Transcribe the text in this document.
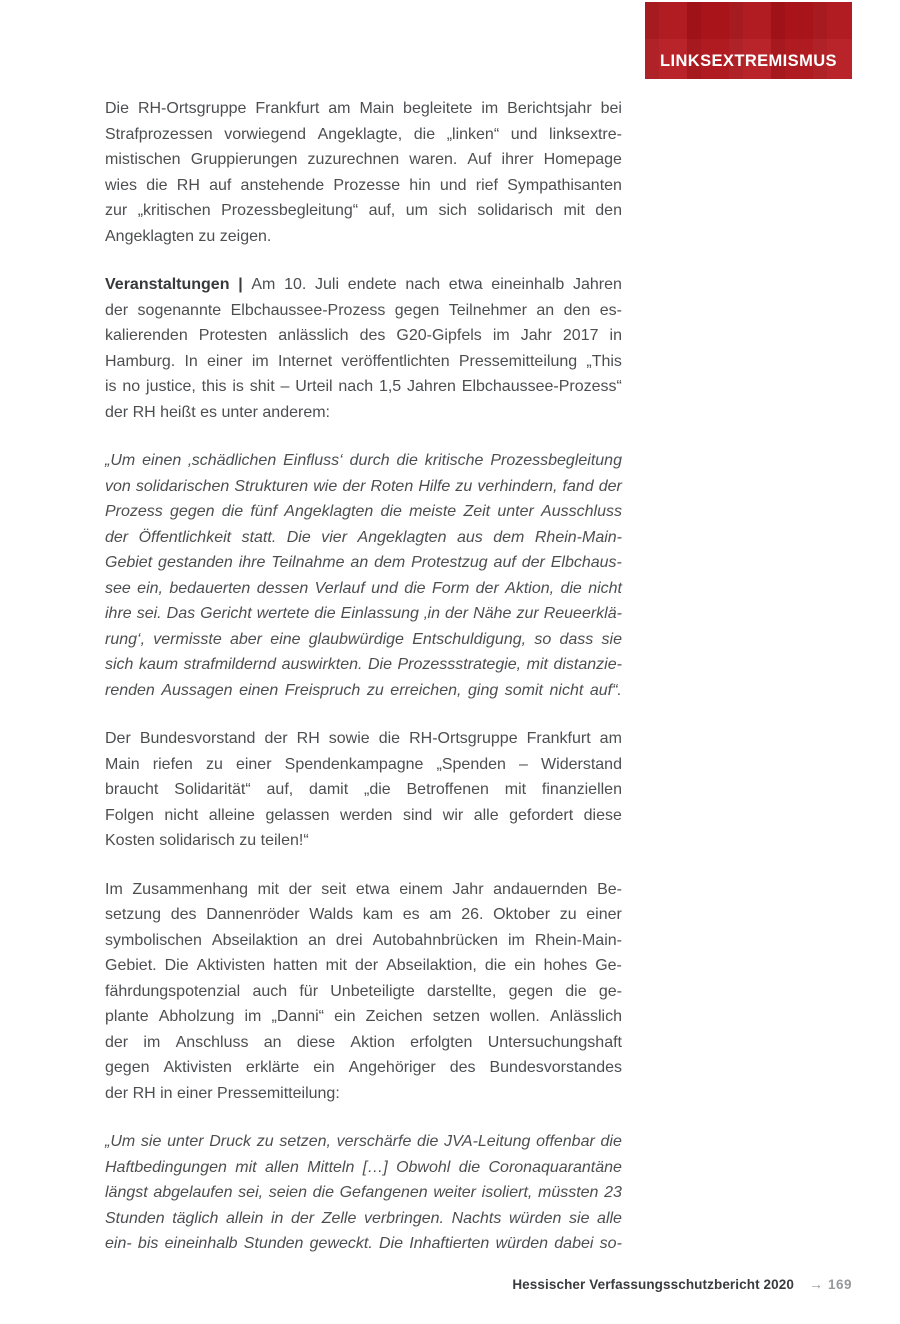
LINKSEXTREMISMUS
Die RH-Ortsgruppe Frankfurt am Main begleitete im Berichtsjahr bei
Strafprozessen vorwiegend Angeklagte, die „linken“ und linksextre-
mistischen Gruppierungen zuzurechnen waren. Auf ihrer Homepage
wies die RH auf anstehende Prozesse hin und rief Sympathisanten
zur „kritischen Prozessbegleitung“ auf, um sich solidarisch mit den
Angeklagten zu zeigen.
Veranstaltungen | Am 10. Juli endete nach etwa eineinhalb Jahren
der sogenannte Elbchaussee-Prozess gegen Teilnehmer an den es-
kalierenden Protesten anlässlich des G20-Gipfels im Jahr 2017 in
Hamburg. In einer im Internet veröffentlichten Pressemitteilung „This
is no justice, this is shit – Urteil nach 1,5 Jahren Elbchaussee-Prozess“
der RH heißt es unter anderem:
„Um einen ‚schädlichen Einfluss‘ durch die kritische Prozessbegleitung
von solidarischen Strukturen wie der Roten Hilfe zu verhindern, fand der
Prozess gegen die fünf Angeklagten die meiste Zeit unter Ausschluss
der Öffentlichkeit statt. Die vier Angeklagten aus dem Rhein-Main-
Gebiet gestanden ihre Teilnahme an dem Protestzug auf der Elbchaus-
see ein, bedauerten dessen Verlauf und die Form der Aktion, die nicht
ihre sei. Das Gericht wertete die Einlassung ‚in der Nähe zur Reueerklä-
rung‘, vermisste aber eine glaubwürdige Entschuldigung, so dass sie
sich kaum strafmildernd auswirkten. Die Prozessstrategie, mit distanzie-
renden Aussagen einen Freispruch zu erreichen, ging somit nicht auf“.
Der Bundesvorstand der RH sowie die RH-Ortsgruppe Frankfurt am
Main riefen zu einer Spendenkampagne „Spenden – Widerstand
braucht Solidarität“ auf, damit „die Betroffenen mit finanziellen
Folgen nicht alleine gelassen werden sind wir alle gefordert diese
Kosten solidarisch zu teilen!“
Im Zusammenhang mit der seit etwa einem Jahr andauernden Be-
setzung des Dannenröder Walds kam es am 26. Oktober zu einer
symbolischen Abseilaktion an drei Autobahnbrücken im Rhein-Main-
Gebiet. Die Aktivisten hatten mit der Abseilaktion, die ein hohes Ge-
fährdungspotenzial auch für Unbeteiligte darstellte, gegen die ge-
plante Abholzung im „Danni“ ein Zeichen setzen wollen. Anlässlich
der im Anschluss an diese Aktion erfolgten Untersuchungshaft
gegen Aktivisten erklärte ein Angehöriger des Bundesvorstandes
der RH in einer Pressemitteilung:
„Um sie unter Druck zu setzen, verschärfe die JVA-Leitung offenbar die
Haftbedingungen mit allen Mitteln […] Obwohl die Coronaquarantäne
längst abgelaufen sei, seien die Gefangenen weiter isoliert, müssten 23
Stunden täglich allein in der Zelle verbringen. Nachts würden sie alle
ein- bis eineinhalb Stunden geweckt. Die Inhaftierten würden dabei so-
Hessischer Verfassungsschutzbericht 2020 → 169
